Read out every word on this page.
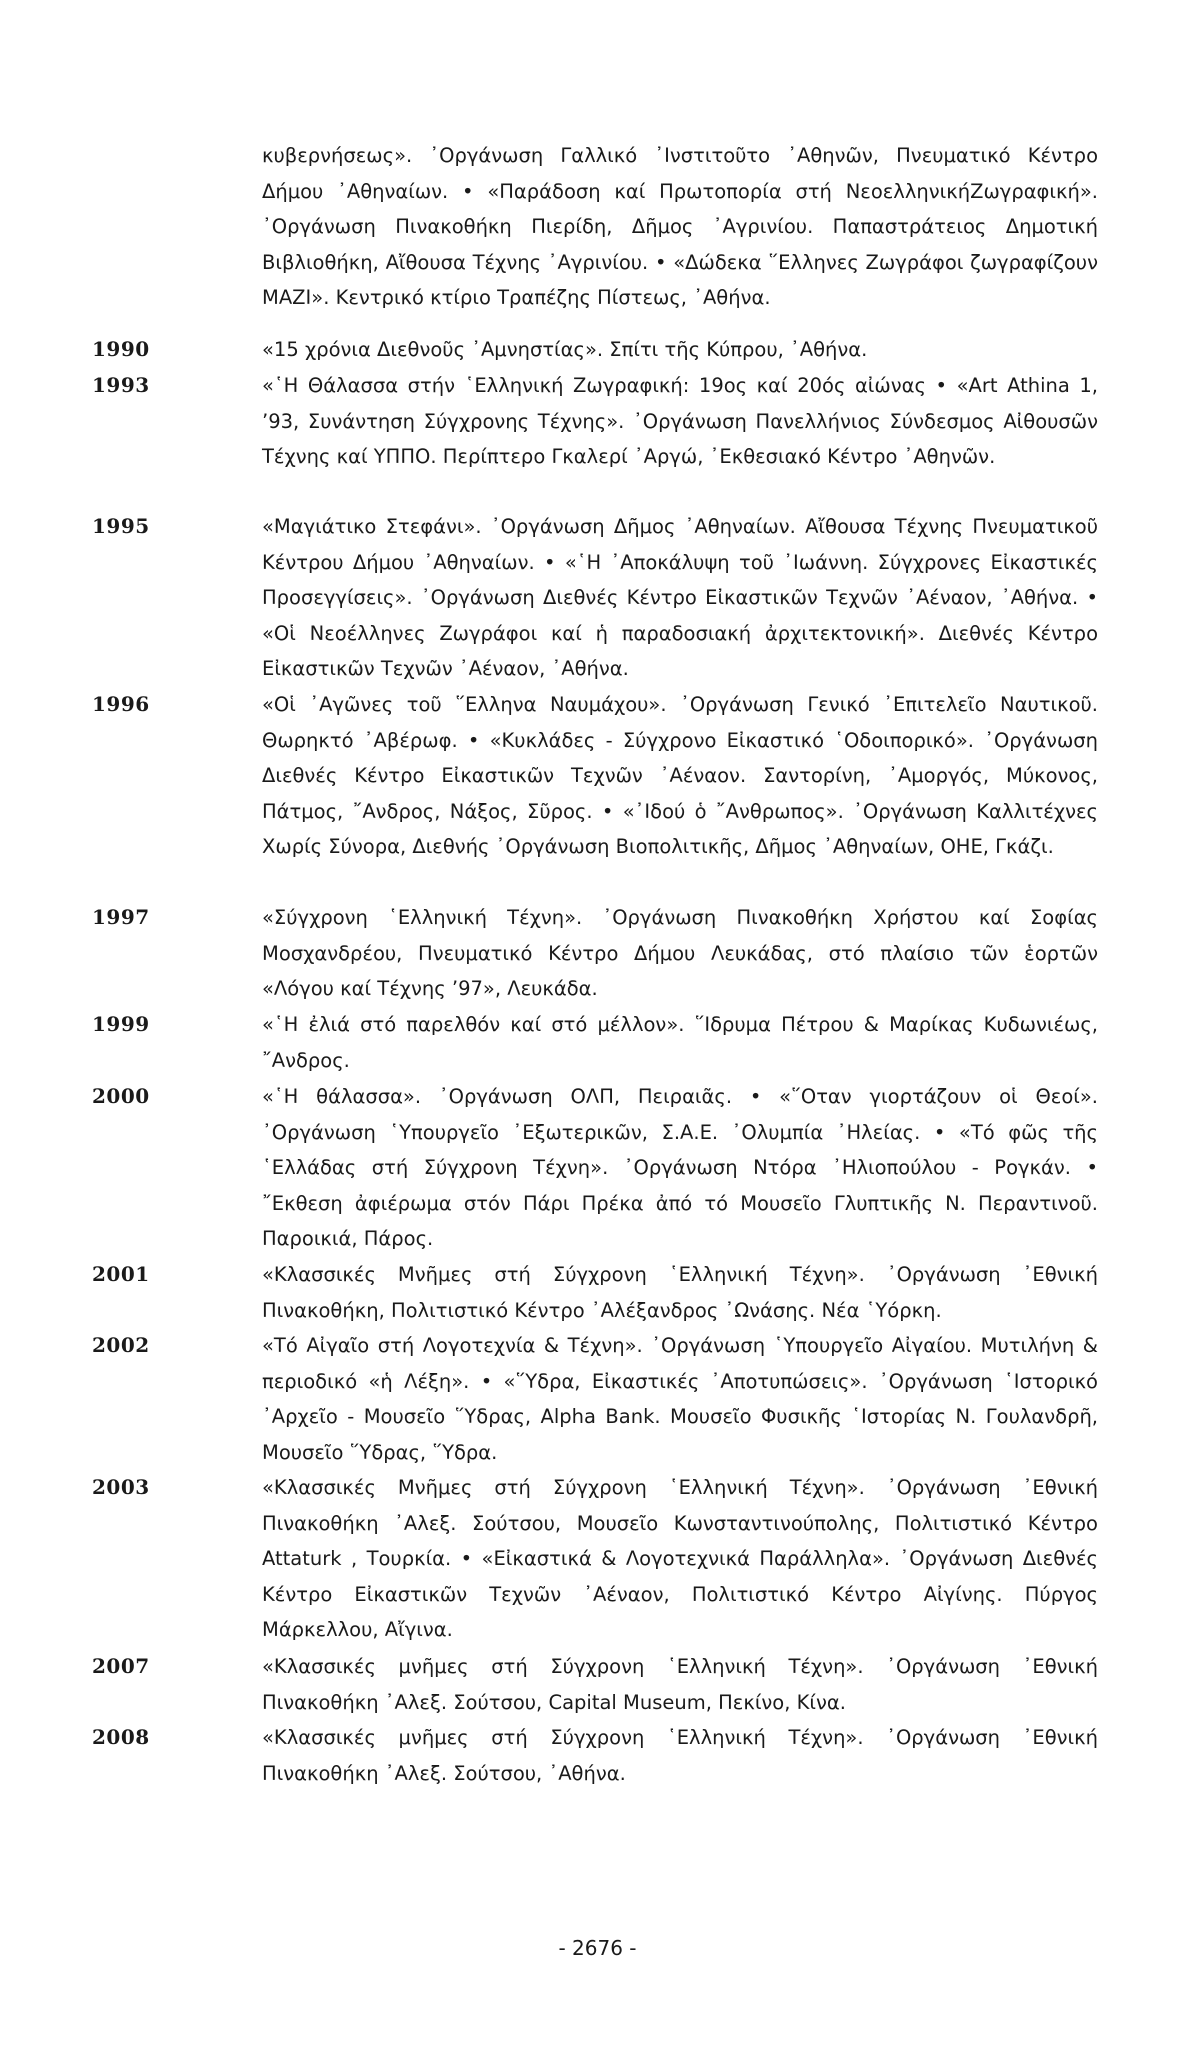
κυβερνήσεως». ᾿Οργάνωση Γαλλικό ᾿Ινστιτοῦτο ᾿Αθηνῶν, Πνευματικό Κέντρο Δήμου ᾿Αθηναίων. • «Παράδοση καί Πρωτοπορία στή ΝεοελληνικήΖωγραφική». ᾿Οργάνωση Πινακοθήκη Πιερίδη, Δῆμος ᾿Αγρινίου. Παπαστράτειος Δημοτική Βιβλιοθήκη, Αἴθουσα Τέχνης ᾿Αγρινίου. • «Δώδεκα ῞Ελληνες Ζωγράφοι ζωγραφίζουν ΜΑΖΙ». Κεντρικό κτίριο Τραπέζης Πίστεως, ᾿Αθήνα.
1990	«15 χρόνια Διεθνοῦς ᾿Αμνηστίας». Σπίτι τῆς Κύπρου, ᾿Αθήνα.
1993	«῾Η Θάλασσα στήν ῾Ελληνική Ζωγραφική: 19ος καί 20ός αἰώνας • «Art Athina 1, ’93, Συνάντηση Σύγχρονης Τέχνης». ᾿Οργάνωση Πανελλήνιος Σύνδεσμος Αἰθουσῶν Τέχνης καί ΥΠΠΟ. Περίπτερο Γκαλερί ᾿Αργώ, ᾿Εκθεσιακό Κέντρο ᾿Αθηνῶν.
1995	«Μαγιάτικο Στεφάνι». ᾿Οργάνωση Δῆμος ᾿Αθηναίων. Αἴθουσα Τέχνης Πνευματικοῦ Κέντρου Δήμου ᾿Αθηναίων. • «῾Η ᾿Αποκάλυψη τοῦ ᾿Ιωάννη. Σύγχρονες Εἰκαστικές Προσεγγίσεις». ᾿Οργάνωση Διεθνές Κέντρο Εἰκαστικῶν Τεχνῶν ᾿Αέναον, ᾿Αθήνα. • «Οἱ Νεοέλληνες Ζωγράφοι καί ἡ παραδοσιακή ἀρχιτεκτονική». Διεθνές Κέντρο Εἰκαστικῶν Τεχνῶν ᾿Αέναον, ᾿Αθήνα.
1996	«Οἱ ᾿Αγῶνες τοῦ ῞Ελληνα Ναυμάχου». ᾿Οργάνωση Γενικό ᾿Επιτελεῖο Ναυτικοῦ. Θωρηκτό ᾿Αβέρωφ. • «Κυκλάδες - Σύγχρονο Εἰκαστικό ῾Οδοιπορικό». ᾿Οργάνωση Διεθνές Κέντρο Εἰκαστικῶν Τεχνῶν ᾿Αέναον. Σαντορίνη, ᾿Αμοργός, Μύκονος, Πάτμος, ῎Ανδρος, Νάξος, Σῦρος. • «᾿Ιδού ὁ ῎Ανθρωπος». ᾿Οργάνωση Καλλιτέχνες Χωρίς Σύνορα, Διεθνής ᾿Οργάνωση Βιοπολιτικῆς, Δῆμος ᾿Αθηναίων, ΟΗΕ, Γκάζι.
1997	«Σύγχρονη ῾Ελληνική Τέχνη». ᾿Οργάνωση Πινακοθήκη Χρήστου καί Σοφίας Μοσχανδρέου, Πνευματικό Κέντρο Δήμου Λευκάδας, στό πλαίσιο τῶν ἑορτῶν «Λόγου καί Τέχνης ’97», Λευκάδα.
1999	«῾Η ἐλιά στό παρελθόν καί στό μέλλον». ῞Ιδρυμα Πέτρου & Μαρίκας Κυδωνιέως, ῎Ανδρος.
2000	«῾Η θάλασσα». ᾿Οργάνωση ΟΛΠ, Πειραιᾶς. • «῞Οταν γιορτάζουν οἱ Θεοί». ᾿Οργάνωση ῾Υπουργεῖο ᾿Εξωτερικῶν, Σ.Α.Ε. ᾿Ολυμπία ᾿Ηλείας. • «Τό φῶς τῆς ῾Ελλάδας στή Σύγχρονη Τέχνη». ᾿Οργάνωση Ντόρα ᾿Ηλιοπούλου - Ρογκάν. • ῎Εκθεση ἀφιέρωμα στόν Πάρι Πρέκα ἀπό τό Μουσεῖο Γλυπτικῆς Ν. Περαντινοῦ. Παροικιά, Πάρος.
2001	«Κλασσικές Μνῆμες στή Σύγχρονη ῾Ελληνική Τέχνη». ᾿Οργάνωση ᾿Εθνική Πινακοθήκη, Πολιτιστικό Κέντρο ᾿Αλέξανδρος ᾿Ωνάσης. Νέα ῾Υόρκη.
2002	«Τό Αἰγαῖο στή Λογοτεχνία & Τέχνη». ᾿Οργάνωση ῾Υπουργεῖο Αἰγαίου. Μυτιλήνη & περιοδικό «ἡ Λέξη». • «῞Υδρα, Εἰκαστικές ᾿Αποτυπώσεις». ᾿Οργάνωση ῾Ιστορικό ᾿Αρχεῖο - Μουσεῖο ῞Υδρας, Alpha Bank. Μουσεῖο Φυσικῆς ῾Ιστορίας Ν. Γουλανδρῆ, Μουσεῖο ῞Υδρας, ῞Υδρα.
2003	«Κλασσικές Μνῆμες στή Σύγχρονη ῾Ελληνική Τέχνη». ᾿Οργάνωση ᾿Εθνική Πινακοθήκη ᾿Αλεξ. Σούτσου, Μουσεῖο Κωνσταντινούπολης, Πολιτιστικό Κέντρο Attaturk , Τουρκία. • «Εἰκαστικά & Λογοτεχνικά Παράλληλα». ᾿Οργάνωση Διεθνές Κέντρο Εἰκαστικῶν Τεχνῶν ᾿Αέναον, Πολιτιστικό Κέντρο Αἰγίνης. Πύργος Μάρκελλου, Αἴγινα.
2007	«Κλασσικές μνῆμες στή Σύγχρονη ῾Ελληνική Τέχνη». ᾿Οργάνωση ᾿Εθνική Πινακοθήκη ᾿Αλεξ. Σούτσου, Capital Museum, Πεκίνο, Κίνα.
2008	«Κλασσικές μνῆμες στή Σύγχρονη ῾Ελληνική Τέχνη». ᾿Οργάνωση ᾿Εθνική Πινακοθήκη ᾿Αλεξ. Σούτσου, ᾿Αθήνα.
- 2676 -
